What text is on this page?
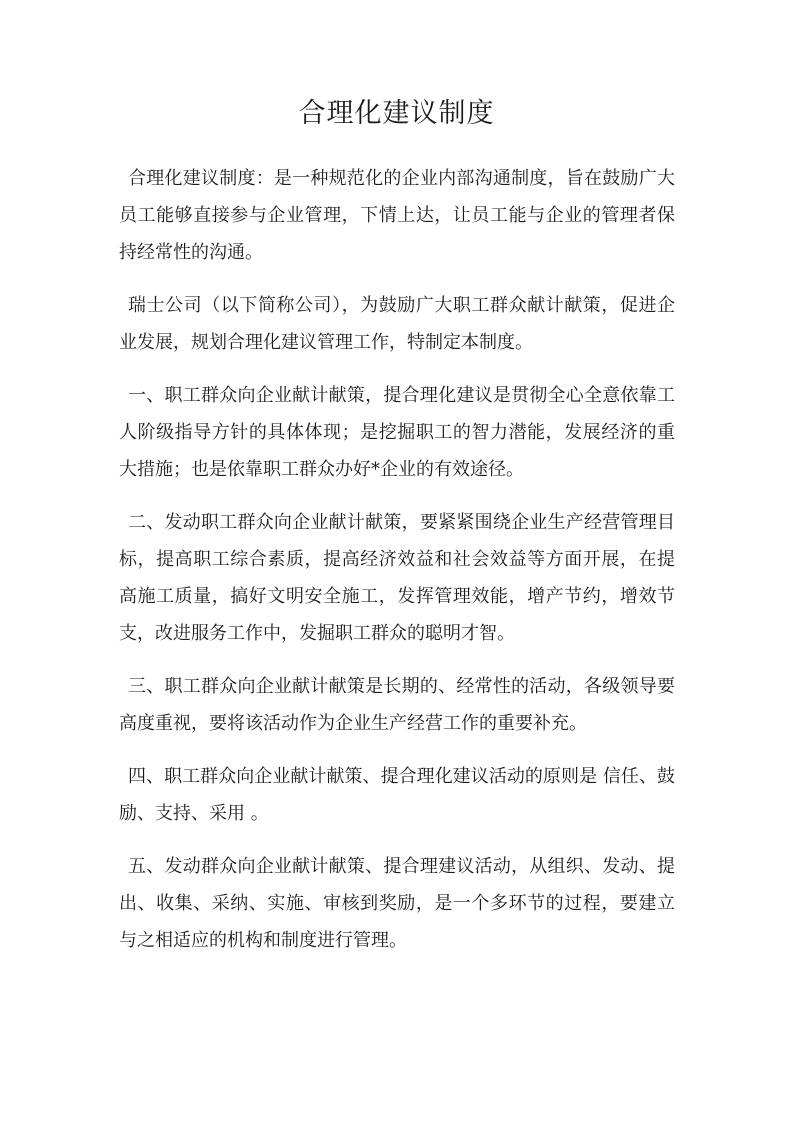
合理化建议制度

合理化建议制度：是一种规范化的企业内部沟通制度，旨在鼓励广大员工能够直接参与企业管理，下情上达，让员工能与企业的管理者保持经常性的沟通。

瑞士公司（以下简称公司），为鼓励广大职工群众献计献策，促进企业发展，规划合理化建议管理工作，特制定本制度。

一、职工群众向企业献计献策，提合理化建议是贯彻全心全意依靠工人阶级指导方针的具体体现；是挖掘职工的智力潜能，发展经济的重大措施；也是依靠职工群众办好*企业的有效途径。

二、发动职工群众向企业献计献策，要紧紧围绕企业生产经营管理目标，提高职工综合素质，提高经济效益和社会效益等方面开展，在提高施工质量，搞好文明安全施工，发挥管理效能，增产节约，增效节支，改进服务工作中，发掘职工群众的聪明才智。

三、职工群众向企业献计献策是长期的、经常性的活动，各级领导要高度重视，要将该活动作为企业生产经营工作的重要补充。

四、职工群众向企业献计献策、提合理化建议活动的原则是 信任、鼓励、支持、采用 。

五、发动群众向企业献计献策、提合理建议活动，从组织、发动、提出、收集、采纳、实施、审核到奖励，是一个多环节的过程，要建立与之相适应的机构和制度进行管理。
